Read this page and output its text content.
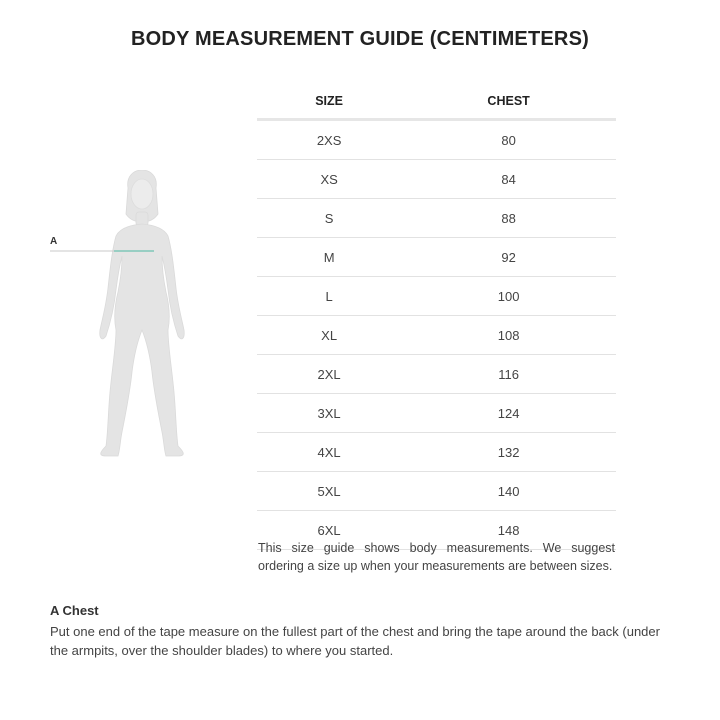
BODY MEASUREMENT GUIDE (CENTIMETERS)
A
SIZE	CHEST
2XS	80
XS	84
S	88
M	92
L	100
XL	108
2XL	116
3XL	124
4XL	132
5XL	140
6XL	148
This size guide shows body measurements. We suggest ordering a size up when your measurements are between sizes.
A Chest
Put one end of the tape measure on the fullest part of the chest and bring the tape around the back (under the armpits, over the shoulder blades) to where you started.
